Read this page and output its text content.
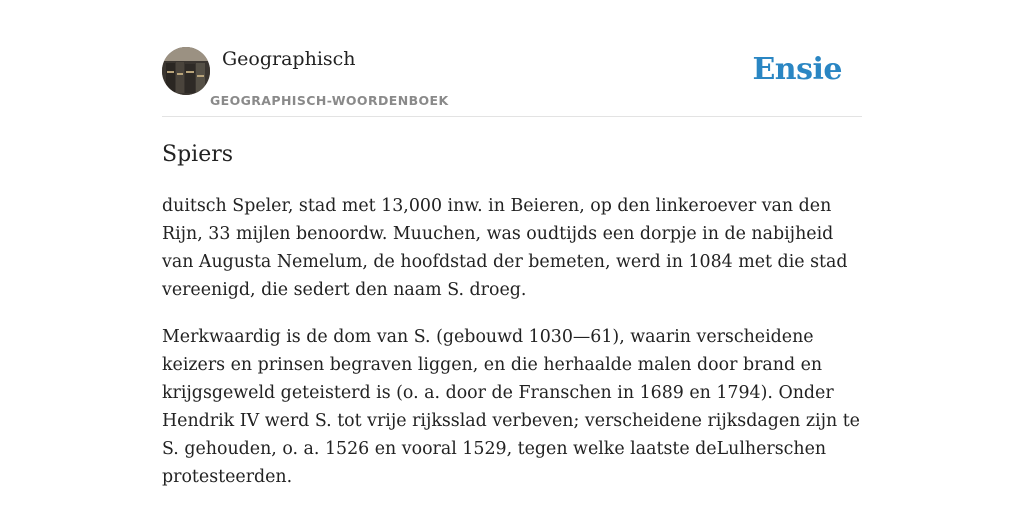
Geographisch
GEOGRAPHISCH-WOORDENBOEK
Ensie
Spiers

duitsch Speler, stad met 13,000 inw. in Beieren, op den linkeroever van den Rijn, 33 mijlen benoordw. Muuchen, was oudtijds een dorpje in de nabijheid van Augusta Nemelum, de hoofdstad der bemeten, werd in 1084 met die stad vereenigd, die sedert den naam S. droeg.

Merkwaardig is de dom van S. (gebouwd 1030—61), waarin verscheidene keizers en prinsen begraven liggen, en die herhaalde malen door brand en krijgsgeweld geteisterd is (o. a. door de Franschen in 1689 en 1794). Onder Hendrik IV werd S. tot vrije rijksslad verbeven; verscheidene rijksdagen zijn te S. gehouden, o. a. 1526 en vooral 1529, tegen welke laatste deLulherschen protesteerden.
